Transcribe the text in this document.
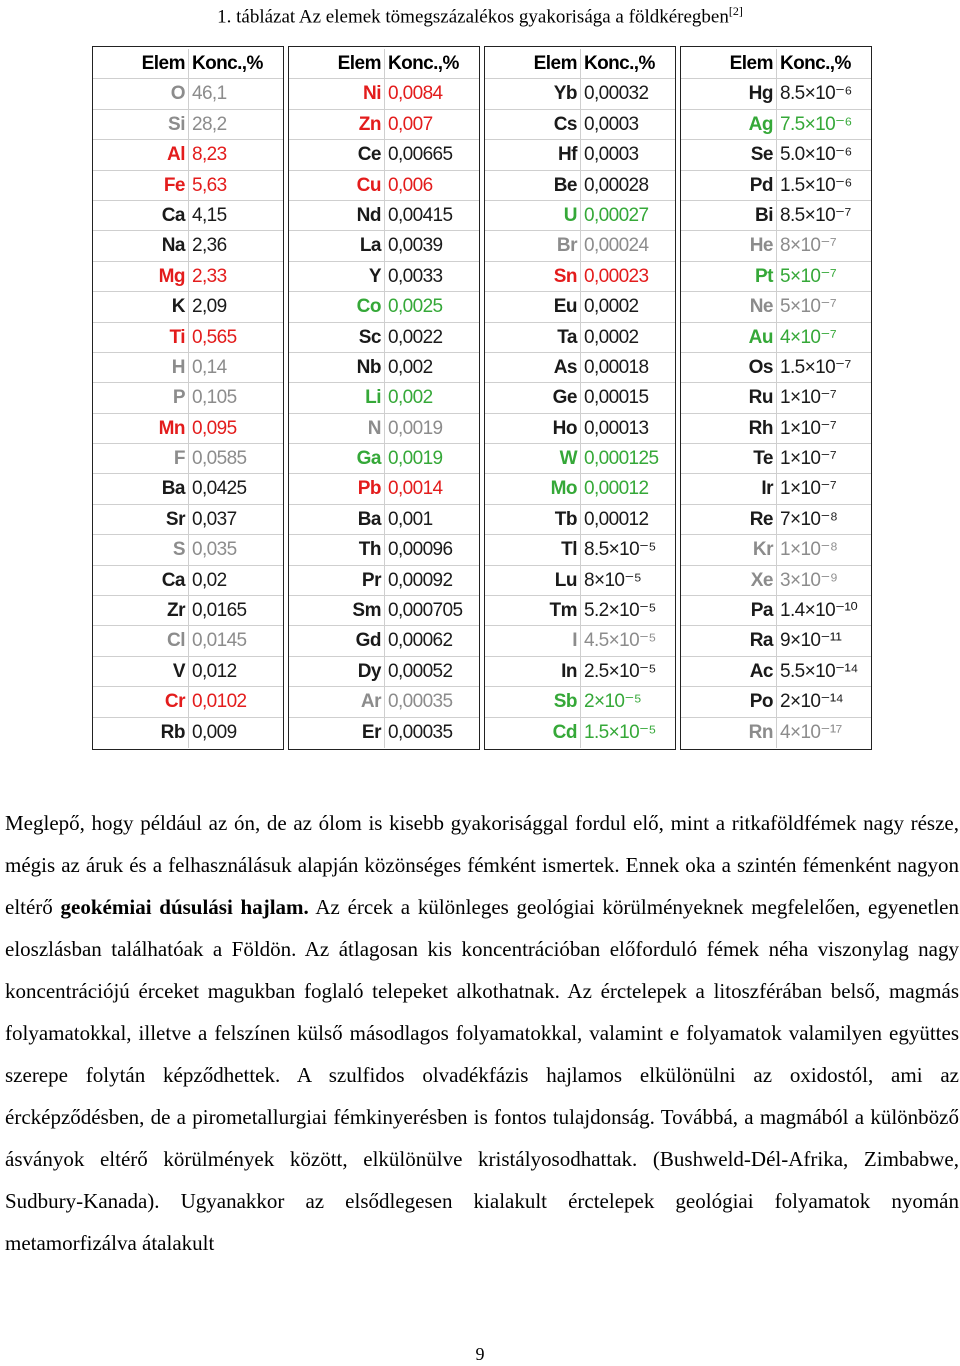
1. táblázat Az elemek tömegszázalékos gyakorisága a földkéregben[2]
Elem Konc.,%
O 46,1
Si 28,2
Al 8,23
Fe 5,63
Ca 4,15
Na 2,36
Mg 2,33
K 2,09
Ti 0,565
H 0,14
P 0,105
Mn 0,095
F 0,0585
Ba 0,0425
Sr 0,037
S 0,035
Ca 0,02
Zr 0,0165
Cl 0,0145
V 0,012
Cr 0,0102
Rb 0,009
Elem Konc.,%
Ni 0,0084
Zn 0,007
Ce 0,00665
Cu 0,006
Nd 0,00415
La 0,0039
Y 0,0033
Co 0,0025
Sc 0,0022
Nb 0,002
Li 0,002
N 0,0019
Ga 0,0019
Pb 0,0014
Ba 0,001
Th 0,00096
Pr 0,00092
Sm 0,000705
Gd 0,00062
Dy 0,00052
Ar 0,00035
Er 0,00035
Elem Konc.,%
Yb 0,00032
Cs 0,0003
Hf 0,0003
Be 0,00028
U 0,00027
Br 0,00024
Sn 0,00023
Eu 0,0002
Ta 0,0002
As 0,00018
Ge 0,00015
Ho 0,00013
W 0,000125
Mo 0,00012
Tb 0,00012
Tl 8.5×10⁻⁵
Lu 8×10⁻⁵
Tm 5.2×10⁻⁵
I 4.5×10⁻⁵
In 2.5×10⁻⁵
Sb 2×10⁻⁵
Cd 1.5×10⁻⁵
Elem Konc.,%
Hg 8.5×10⁻⁶
Ag 7.5×10⁻⁶
Se 5.0×10⁻⁶
Pd 1.5×10⁻⁶
Bi 8.5×10⁻⁷
He 8×10⁻⁷
Pt 5×10⁻⁷
Ne 5×10⁻⁷
Au 4×10⁻⁷
Os 1.5×10⁻⁷
Ru 1×10⁻⁷
Rh 1×10⁻⁷
Te 1×10⁻⁷
Ir 1×10⁻⁷
Re 7×10⁻⁸
Kr 1×10⁻⁸
Xe 3×10⁻⁹
Pa 1.4×10⁻¹⁰
Ra 9×10⁻¹¹
Ac 5.5×10⁻¹⁴
Po 2×10⁻¹⁴
Rn 4×10⁻¹⁷
Meglepő, hogy például az ón, de az ólom is kisebb gyakorisággal fordul elő, mint a ritkaföldfémek nagy része, mégis az áruk és a felhasználásuk alapján közönséges fémként ismertek. Ennek oka a szintén fémenként nagyon eltérő geokémiai dúsulási hajlam. Az ércek a különleges geológiai körülményeknek megfelelően, egyenetlen eloszlásban találhatóak a Földön. Az átlagosan kis koncentrációban előforduló fémek néha viszonylag nagy koncentrációjú érceket magukban foglaló telepeket alkothatnak. Az érctelepek a litoszférában belső, magmás folyamatokkal, illetve a felszínen külső másodlagos folyamatokkal, valamint e folyamatok valamilyen együttes szerepe folytán képződhettek. A szulfidos olvadékfázis hajlamos elkülönülni az oxidostól, ami az ércképződésben, de a pirometallurgiai fémkinyerésben is fontos tulajdonság. Továbbá, a magmából a különböző ásványok eltérő körülmények között, elkülönülve kristályosodhattak. (Bushweld-Dél-Afrika, Zimbabwe, Sudbury-Kanada). Ugyanakkor az elsődlegesen kialakult érctelepek geológiai folyamatok nyomán metamorfizálva átalakult
9
